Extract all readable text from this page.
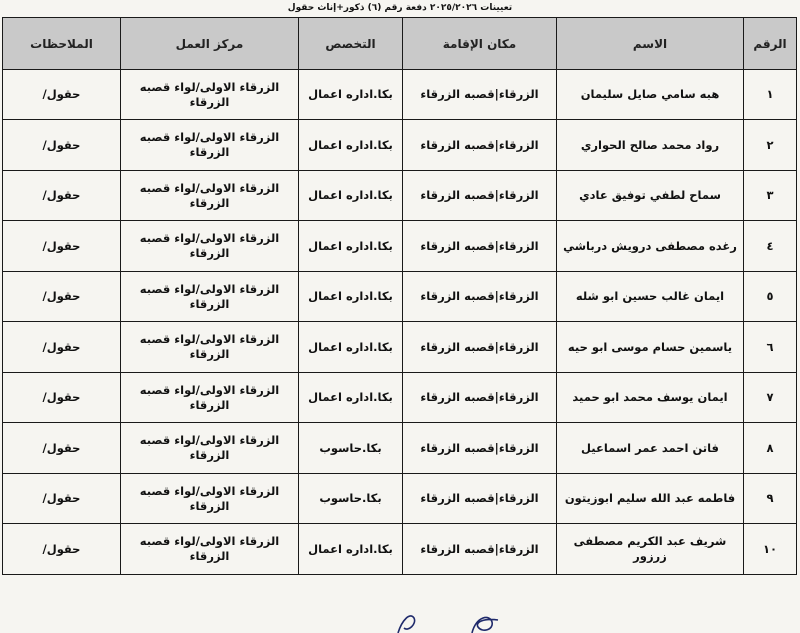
تعيينات ٢٠٢٥/٢٠٢٦ دفعة رقم (٦) ذكور+إناث حقول
الرقم	الاسم	مكان الإقامة	التخصص	مركز العمل	الملاحظات
١	هبه سامي صايل سليمان	الزرقاء|قصبه الزرقاء	بكا.اداره اعمال	الزرقاء الاولى/لواء قصبه الزرقاء	حقول/
٢	رواد محمد صالح الحواري	الزرقاء|قصبه الزرقاء	بكا.اداره اعمال	الزرقاء الاولى/لواء قصبه الزرقاء	حقول/
٣	سماح لطفي توفيق عادي	الزرقاء|قصبه الزرقاء	بكا.اداره اعمال	الزرقاء الاولى/لواء قصبه الزرقاء	حقول/
٤	رغده مصطفى درويش درباشي	الزرقاء|قصبه الزرقاء	بكا.اداره اعمال	الزرقاء الاولى/لواء قصبه الزرقاء	حقول/
٥	ايمان غالب حسين ابو شله	الزرقاء|قصبه الزرقاء	بكا.اداره اعمال	الزرقاء الاولى/لواء قصبه الزرقاء	حقول/
٦	ياسمين حسام موسى ابو حيه	الزرقاء|قصبه الزرقاء	بكا.اداره اعمال	الزرقاء الاولى/لواء قصبه الزرقاء	حقول/
٧	ايمان يوسف محمد ابو حميد	الزرقاء|قصبه الزرقاء	بكا.اداره اعمال	الزرقاء الاولى/لواء قصبه الزرقاء	حقول/
٨	فاتن احمد عمر اسماعيل	الزرقاء|قصبه الزرقاء	بكا.حاسوب	الزرقاء الاولى/لواء قصبه الزرقاء	حقول/
٩	فاطمه عبد الله سليم ابوزيتون	الزرقاء|قصبه الزرقاء	بكا.حاسوب	الزرقاء الاولى/لواء قصبه الزرقاء	حقول/
١٠	شريف عبد الكريم مصطفى زرزور	الزرقاء|قصبه الزرقاء	بكا.اداره اعمال	الزرقاء الاولى/لواء قصبه الزرقاء	حقول/
